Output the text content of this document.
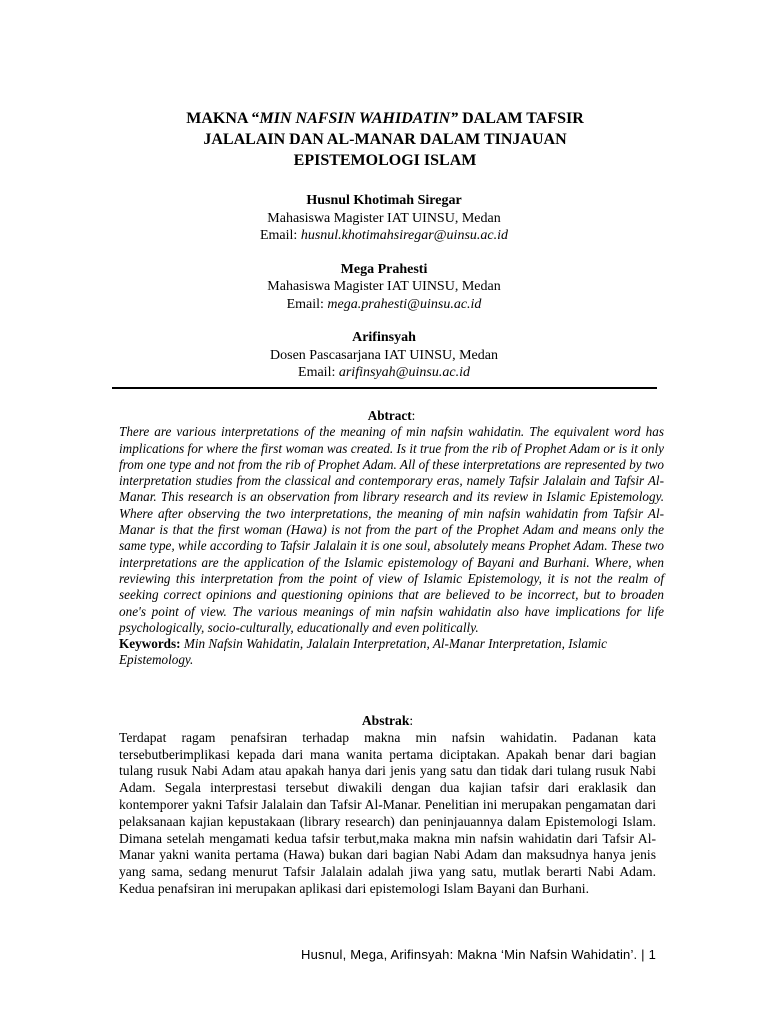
MAKNA “MIN NAFSIN WAHIDATIN” DALAM TAFSIR
JALALAIN DAN AL-MANAR DALAM TINJAUAN
EPISTEMOLOGI ISLAM
Husnul Khotimah Siregar
Mahasiswa Magister IAT UINSU, Medan
Email: husnul.khotimahsiregar@uinsu.ac.id
Mega Prahesti
Mahasiswa Magister IAT UINSU, Medan
Email: mega.prahesti@uinsu.ac.id
Arifinsyah
Dosen Pascasarjana IAT UINSU, Medan
Email: arifinsyah@uinsu.ac.id
Abtract:
There are various interpretations of the meaning of min nafsin wahidatin. The equivalent word has implications for where the first woman was created. Is it true from the rib of Prophet Adam or is it only from one type and not from the rib of Prophet Adam. All of these interpretations are represented by two interpretation studies from the classical and contemporary eras, namely Tafsir Jalalain and Tafsir Al-Manar. This research is an observation from library research and its review in Islamic Epistemology. Where after observing the two interpretations, the meaning of min nafsin wahidatin from Tafsir Al-Manar is that the first woman (Hawa) is not from the part of the Prophet Adam and means only the same type, while according to Tafsir Jalalain it is one soul, absolutely means Prophet Adam. These two interpretations are the application of the Islamic epistemology of Bayani and Burhani. Where, when reviewing this interpretation from the point of view of Islamic Epistemology, it is not the realm of seeking correct opinions and questioning opinions that are believed to be incorrect, but to broaden one's point of view. The various meanings of min nafsin wahidatin also have implications for life psychologically, socio-culturally, educationally and even politically.
Keywords: Min Nafsin Wahidatin, Jalalain Interpretation, Al-Manar Interpretation, Islamic Epistemology.
Abstrak:
Terdapat ragam penafsiran terhadap makna min nafsin wahidatin. Padanan kata tersebutberimplikasi kepada dari mana wanita pertama diciptakan. Apakah benar dari bagian tulang rusuk Nabi Adam atau apakah hanya dari jenis yang satu dan tidak dari tulang rusuk Nabi Adam. Segala interprestasi tersebut diwakili dengan dua kajian tafsir dari eraklasik dan kontemporer yakni Tafsir Jalalain dan Tafsir Al-Manar. Penelitian ini merupakan pengamatan dari pelaksanaan kajian kepustakaan (library research) dan peninjauannya dalam Epistemologi Islam. Dimana setelah mengamati kedua tafsir terbut,maka makna min nafsin wahidatin dari Tafsir Al-Manar yakni wanita pertama (Hawa) bukan dari bagian Nabi Adam dan maksudnya hanya jenis yang sama, sedang menurut Tafsir Jalalain adalah jiwa yang satu, mutlak berarti Nabi Adam. Kedua penafsiran ini merupakan aplikasi dari epistemologi Islam Bayani dan Burhani.
Husnul, Mega, Arifinsyah: Makna ‘Min Nafsin Wahidatin’. | 1
